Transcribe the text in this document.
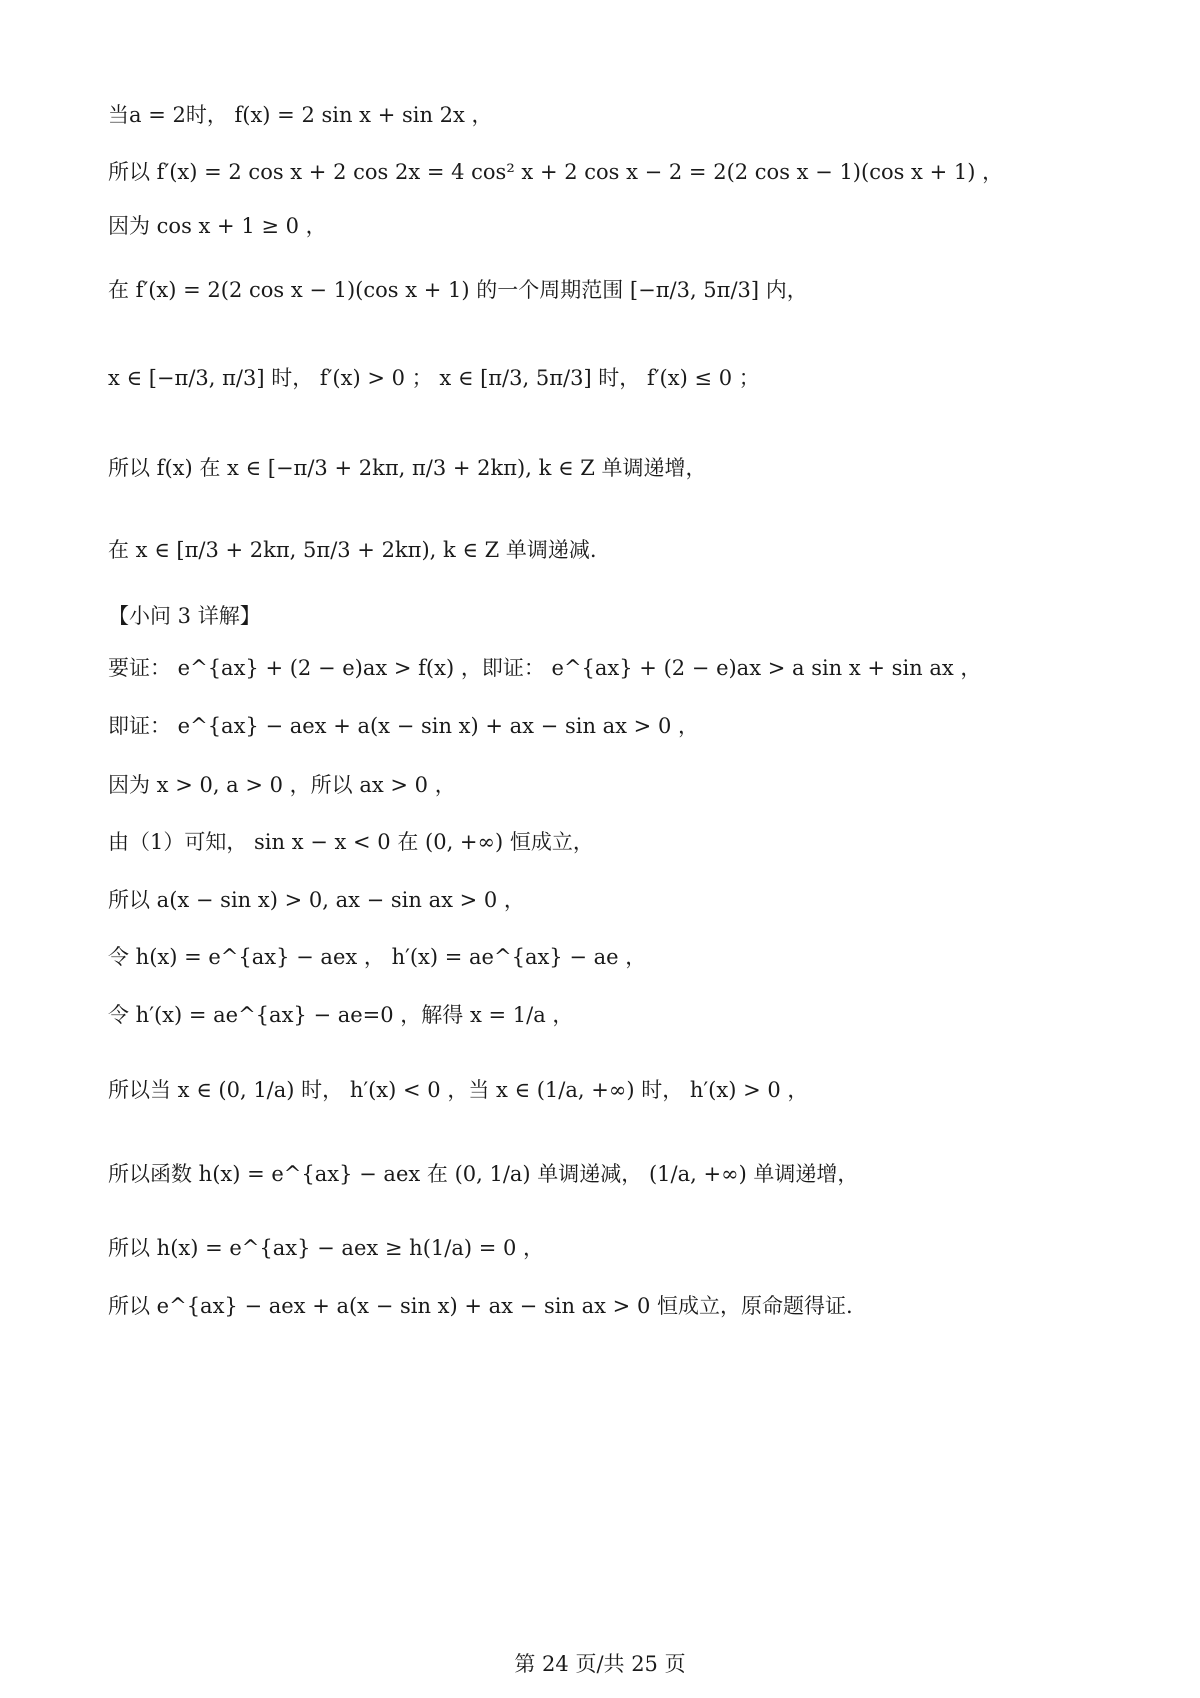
当a = 2时， f(x) = 2 sin x + sin 2x ，
所以 f′(x) = 2 cos x + 2 cos 2x = 4 cos² x + 2 cos x − 2 = 2(2 cos x − 1)(cos x + 1) ，
因为 cos x + 1 ≥ 0 ，
在 f′(x) = 2(2 cos x − 1)(cos x + 1) 的一个周期范围 [−π/3, 5π/3] 内，
x ∈ [−π/3, π/3] 时， f′(x) > 0 ； x ∈ [π/3, 5π/3] 时， f′(x) ≤ 0 ；
所以 f(x) 在 x ∈ [−π/3 + 2kπ, π/3 + 2kπ), k ∈ Z 单调递增，
在 x ∈ [π/3 + 2kπ, 5π/3 + 2kπ), k ∈ Z 单调递减.
【小问 3 详解】
要证： e^{ax} + (2 − e)ax > f(x) ，即证： e^{ax} + (2 − e)ax > a sin x + sin ax ，
即证： e^{ax} − aex + a(x − sin x) + ax − sin ax > 0 ，
因为 x > 0, a > 0 ，所以 ax > 0 ，
由（1）可知， sin x − x < 0 在 (0, +∞) 恒成立，
所以 a(x − sin x) > 0, ax − sin ax > 0 ，
令 h(x) = e^{ax} − aex ， h′(x) = ae^{ax} − ae ，
令 h′(x) = ae^{ax} − ae=0 ，解得 x = 1/a ，
所以当 x ∈ (0, 1/a) 时， h′(x) < 0 ，当 x ∈ (1/a, +∞) 时， h′(x) > 0 ，
所以函数 h(x) = e^{ax} − aex 在 (0, 1/a) 单调递减， (1/a, +∞) 单调递增，
所以 h(x) = e^{ax} − aex ≥ h(1/a) = 0 ，
所以 e^{ax} − aex + a(x − sin x) + ax − sin ax > 0 恒成立，原命题得证.
第 24 页/共 25 页
